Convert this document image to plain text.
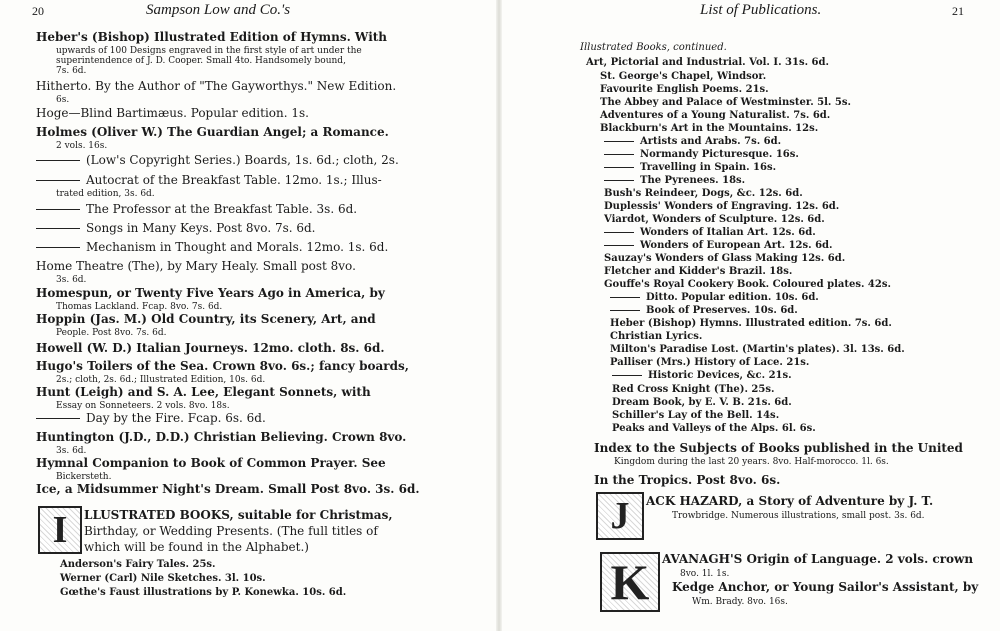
20	Sampson Low and Co.'s
Heber's (Bishop) Illustrated Edition of Hymns. With
upwards of 100 Designs engraved in the first style of art under the
superintendence of J. D. Cooper. Small 4to. Handsomely bound,
7s. 6d.
Hitherto. By the Author of "The Gayworthys." New Edition.
6s.
Hoge—Blind Bartimæus. Popular edition. 1s.
Holmes (Oliver W.) The Guardian Angel; a Romance.
2 vols. 16s.
(Low's Copyright Series.) Boards, 1s. 6d.; cloth, 2s.
Autocrat of the Breakfast Table. 12mo. 1s.; Illus-
trated edition, 3s. 6d.
The Professor at the Breakfast Table. 3s. 6d.
Songs in Many Keys. Post 8vo. 7s. 6d.
Mechanism in Thought and Morals. 12mo. 1s. 6d.
Home Theatre (The), by Mary Healy. Small post 8vo.
3s. 6d.
Homespun, or Twenty Five Years Ago in America, by
Thomas Lackland. Fcap. 8vo. 7s. 6d.
Hoppin (Jas. M.) Old Country, its Scenery, Art, and
People. Post 8vo. 7s. 6d.
Howell (W. D.) Italian Journeys. 12mo. cloth. 8s. 6d.
Hugo's Toilers of the Sea. Crown 8vo. 6s.; fancy boards,
2s.; cloth, 2s. 6d.; Illustrated Edition, 10s. 6d.
Hunt (Leigh) and S. A. Lee, Elegant Sonnets, with
Essay on Sonneteers. 2 vols. 8vo. 18s.
Day by the Fire. Fcap. 6s. 6d.
Huntington (J.D., D.D.) Christian Believing. Crown 8vo.
3s. 6d.
Hymnal Companion to Book of Common Prayer. See
Bickersteth.
Ice, a Midsummer Night's Dream. Small Post 8vo. 3s. 6d.
I	LLUSTRATED BOOKS, suitable for Christmas,
Birthday, or Wedding Presents. (The full titles of
which will be found in the Alphabet.)
Anderson's Fairy Tales. 25s.
Werner (Carl) Nile Sketches. 3l. 10s.
Gœthe's Faust illustrations by P. Konewka. 10s. 6d.
List of Publications.	21
Illustrated Books, continued.
Art, Pictorial and Industrial. Vol. I. 31s. 6d.
St. George's Chapel, Windsor.
Favourite English Poems. 21s.
The Abbey and Palace of Westminster. 5l. 5s.
Adventures of a Young Naturalist. 7s. 6d.
Blackburn's Art in the Mountains. 12s.
Artists and Arabs. 7s. 6d.
Normandy Picturesque. 16s.
Travelling in Spain. 16s.
The Pyrenees. 18s.
Bush's Reindeer, Dogs, &c. 12s. 6d.
Duplessis' Wonders of Engraving. 12s. 6d.
Viardot, Wonders of Sculpture. 12s. 6d.
Wonders of Italian Art. 12s. 6d.
Wonders of European Art. 12s. 6d.
Sauzay's Wonders of Glass Making 12s. 6d.
Fletcher and Kidder's Brazil. 18s.
Gouffe's Royal Cookery Book. Coloured plates. 42s.
Ditto. Popular edition. 10s. 6d.
Book of Preserves. 10s. 6d.
Heber (Bishop) Hymns. Illustrated edition. 7s. 6d.
Christian Lyrics.
Milton's Paradise Lost. (Martin's plates). 3l. 13s. 6d.
Palliser (Mrs.) History of Lace. 21s.
Historic Devices, &c. 21s.
Red Cross Knight (The). 25s.
Dream Book, by E. V. B. 21s. 6d.
Schiller's Lay of the Bell. 14s.
Peaks and Valleys of the Alps. 6l. 6s.
Index to the Subjects of Books published in the United
Kingdom during the last 20 years. 8vo. Half-morocco. 1l. 6s.
In the Tropics. Post 8vo. 6s.
J	ACK HAZARD, a Story of Adventure by J. T.
Trowbridge. Numerous illustrations, small post. 3s. 6d.
K	AVANAGH'S Origin of Language. 2 vols. crown
8vo. 1l. 1s.
Kedge Anchor, or Young Sailor's Assistant, by
Wm. Brady. 8vo. 16s.
